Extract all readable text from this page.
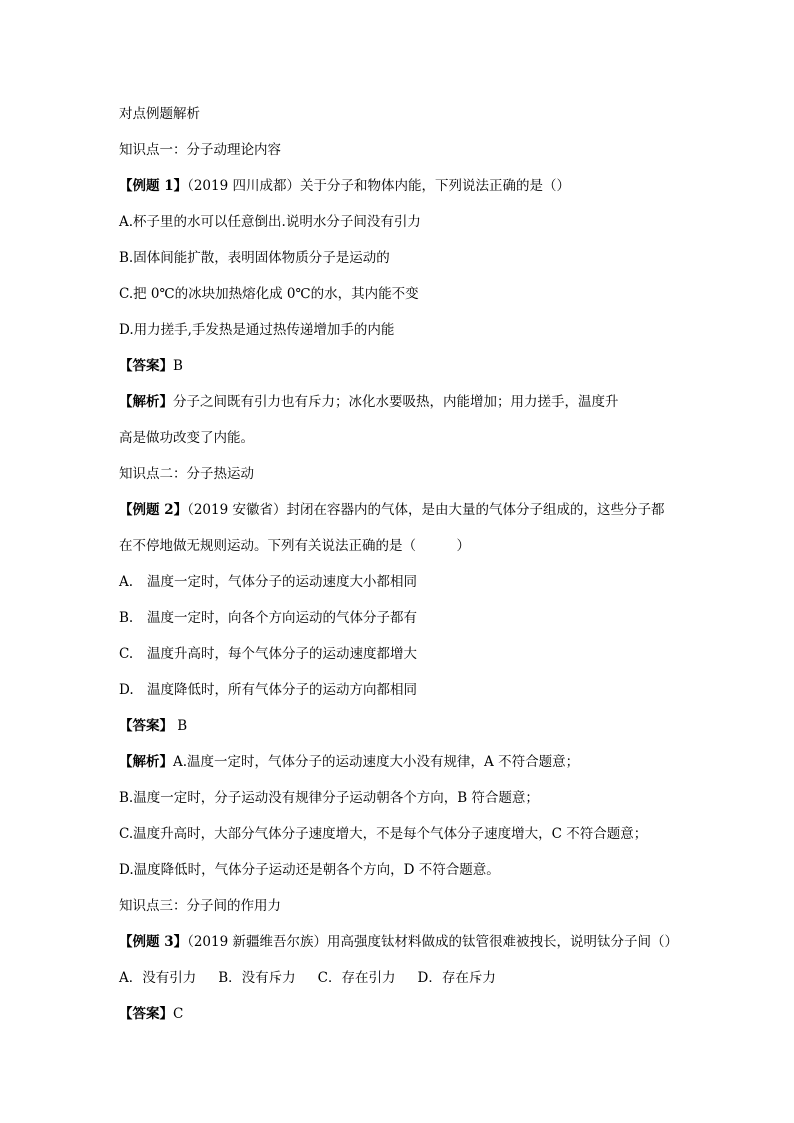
对点例题解析
知识点一：分子动理论内容
【例题 1】（2019 四川成都）关于分子和物体内能，下列说法正确的是（）
A.杯子里的水可以任意倒出.说明水分子间没有引力
B.固体间能扩散，表明固体物质分子是运动的
C.把 0℃的冰块加热熔化成 0℃的水，其内能不变
D.用力搓手,手发热是通过热传递增加手的内能
【答案】B
【解析】分子之间既有引力也有斥力；冰化水要吸热，内能增加；用力搓手，温度升
高是做功改变了内能。
知识点二：分子热运动
【例题 2】（2019 安徽省）封闭在容器内的气体，是由大量的气体分子组成的，这些分子都
在不停地做无规则运动。下列有关说法正确的是（　　　）
A. 温度一定时，气体分子的运动速度大小都相同
B. 温度一定时，向各个方向运动的气体分子都有
C. 温度升高时，每个气体分子的运动速度都增大
D. 温度降低时，所有气体分子的运动方向都相同
【答案】 B
【解析】A.温度一定时，气体分子的运动速度大小没有规律，A 不符合题意；
B.温度一定时，分子运动没有规律分子运动朝各个方向，B 符合题意；
C.温度升高时，大部分气体分子速度增大，不是每个气体分子速度增大，C 不符合题意；
D.温度降低时，气体分子运动还是朝各个方向，D 不符合题意。
知识点三：分子间的作用力
【例题 3】（2019 新疆维吾尔族）用高强度钛材料做成的钛管很难被拽长，说明钛分子间（）
A．没有引力 B．没有斥力 C．存在引力 D．存在斥力
【答案】C
